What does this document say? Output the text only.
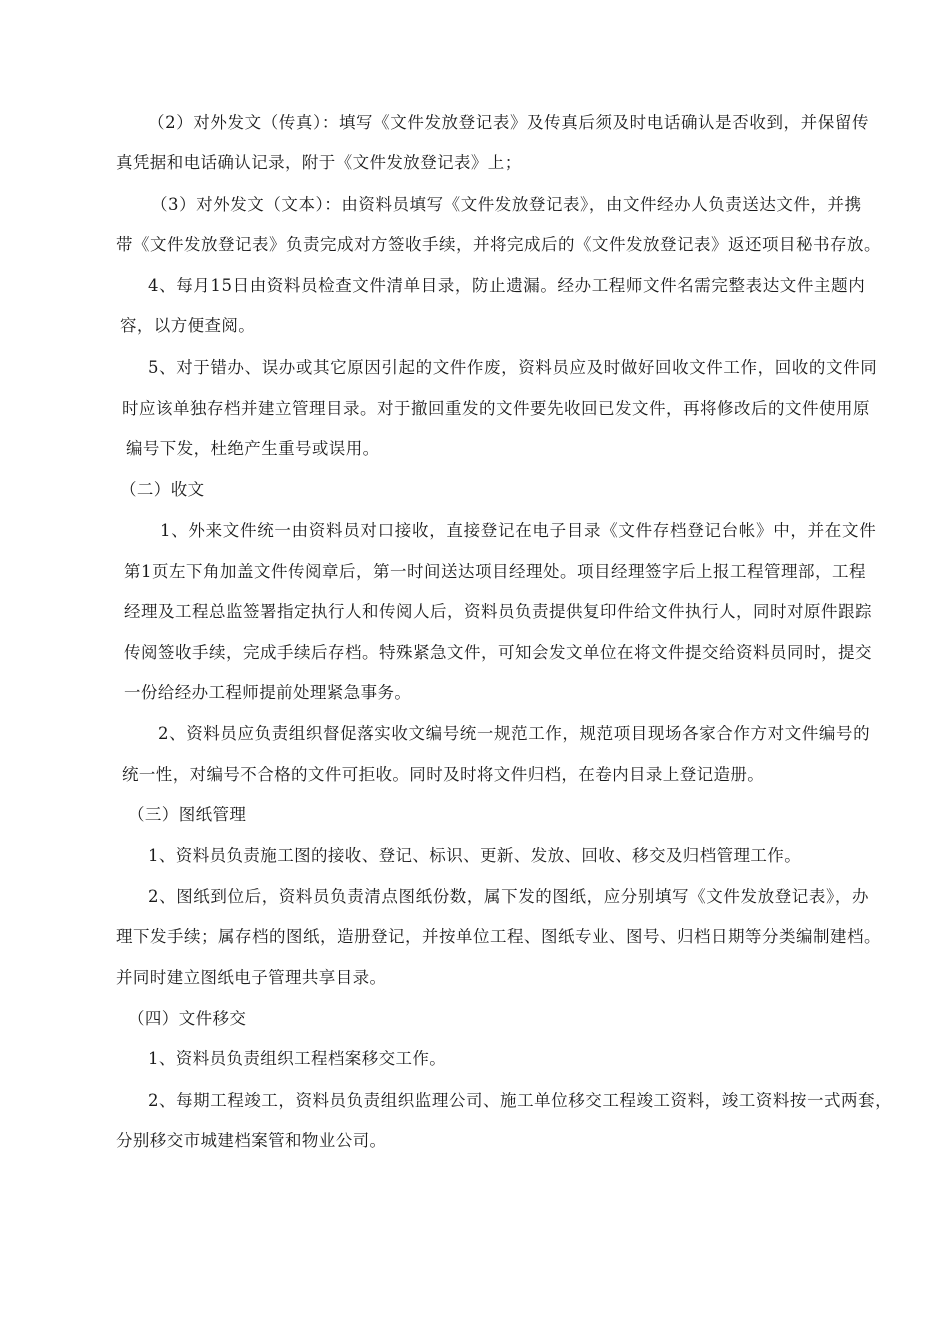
（2）对外发文（传真）：填写《文件发放登记表》及传真后须及时电话确认是否收到，并保留传
真凭据和电话确认记录，附于《文件发放登记表》上；
（3）对外发文（文本）：由资料员填写《文件发放登记表》，由文件经办人负责送达文件，并携
带《文件发放登记表》负责完成对方签收手续，并将完成后的《文件发放登记表》返还项目秘书存放。
4、每月15日由资料员检查文件清单目录，防止遗漏。经办工程师文件名需完整表达文件主题内
容，以方便查阅。
5、对于错办、误办或其它原因引起的文件作废，资料员应及时做好回收文件工作，回收的文件同
时应该单独存档并建立管理目录。对于撤回重发的文件要先收回已发文件，再将修改后的文件使用原
编号下发，杜绝产生重号或误用。
（二）收文
1、外来文件统一由资料员对口接收，直接登记在电子目录《文件存档登记台帐》中，并在文件
第1页左下角加盖文件传阅章后，第一时间送达项目经理处。项目经理签字后上报工程管理部，工程
经理及工程总监签署指定执行人和传阅人后，资料员负责提供复印件给文件执行人，同时对原件跟踪
传阅签收手续，完成手续后存档。特殊紧急文件，可知会发文单位在将文件提交给资料员同时，提交
一份给经办工程师提前处理紧急事务。
2、资料员应负责组织督促落实收文编号统一规范工作，规范项目现场各家合作方对文件编号的
统一性，对编号不合格的文件可拒收。同时及时将文件归档，在卷内目录上登记造册。
（三）图纸管理
1、资料员负责施工图的接收、登记、标识、更新、发放、回收、移交及归档管理工作。
2、图纸到位后，资料员负责清点图纸份数，属下发的图纸，应分别填写《文件发放登记表》，办
理下发手续；属存档的图纸，造册登记，并按单位工程、图纸专业、图号、归档日期等分类编制建档。
并同时建立图纸电子管理共享目录。
（四）文件移交
1、资料员负责组织工程档案移交工作。
2、每期工程竣工，资料员负责组织监理公司、施工单位移交工程竣工资料，竣工资料按一式两套，
分别移交市城建档案管和物业公司。
